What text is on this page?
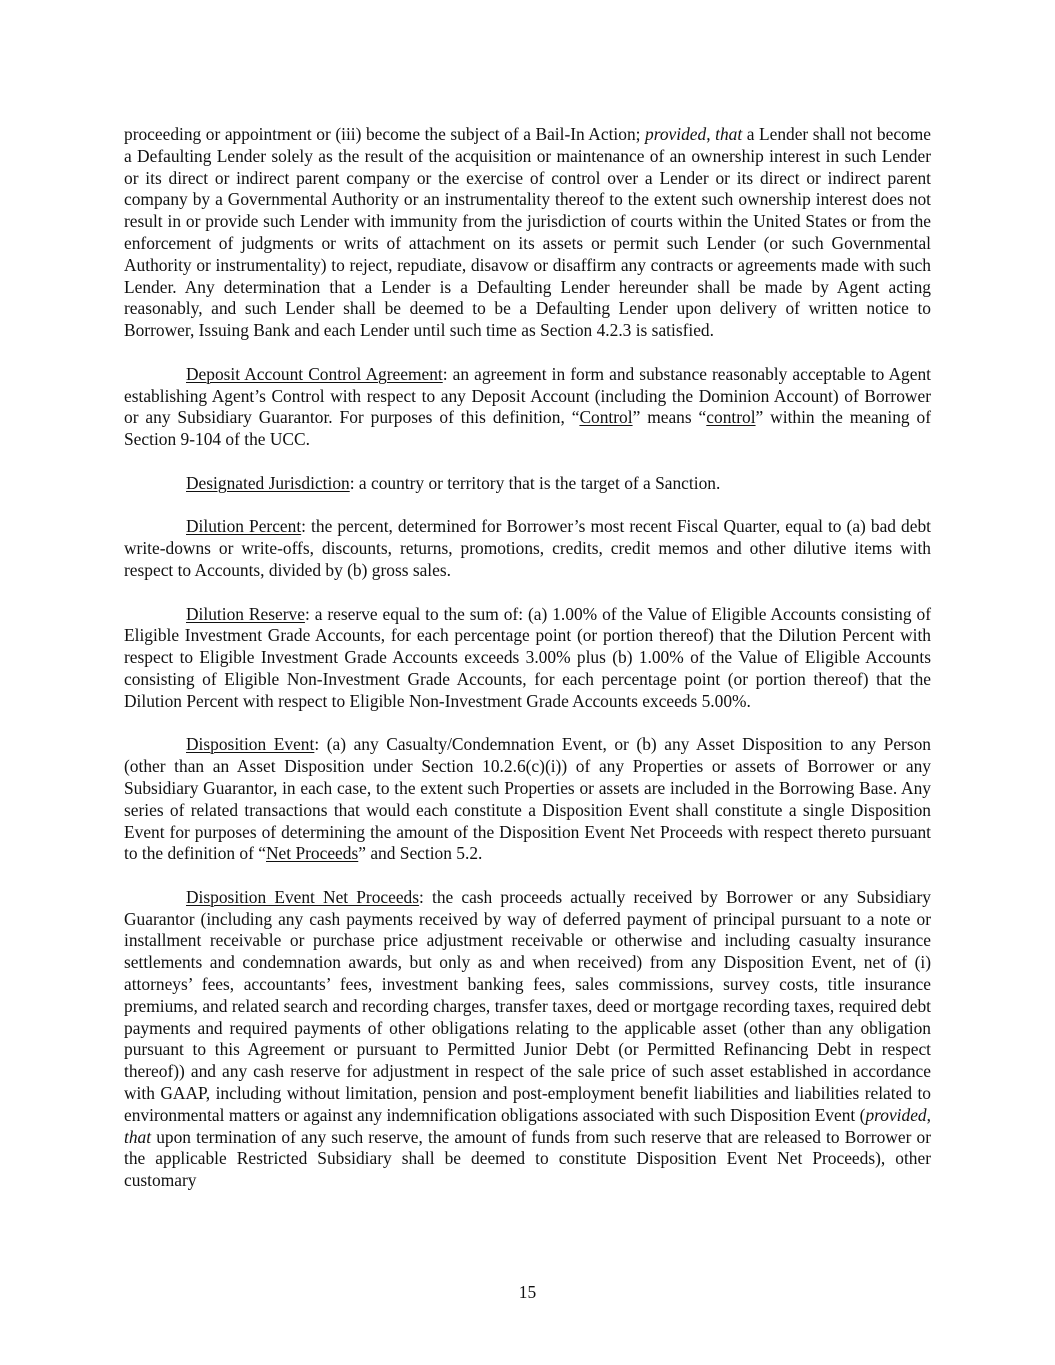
proceeding or appointment or (iii) become the subject of a Bail-In Action; provided, that a Lender shall not become a Defaulting Lender solely as the result of the acquisition or maintenance of an ownership interest in such Lender or its direct or indirect parent company or the exercise of control over a Lender or its direct or indirect parent company by a Governmental Authority or an instrumentality thereof to the extent such ownership interest does not result in or provide such Lender with immunity from the jurisdiction of courts within the United States or from the enforcement of judgments or writs of attachment on its assets or permit such Lender (or such Governmental Authority or instrumentality) to reject, repudiate, disavow or disaffirm any contracts or agreements made with such Lender. Any determination that a Lender is a Defaulting Lender hereunder shall be made by Agent acting reasonably, and such Lender shall be deemed to be a Defaulting Lender upon delivery of written notice to Borrower, Issuing Bank and each Lender until such time as Section 4.2.3 is satisfied.

Deposit Account Control Agreement: an agreement in form and substance reasonably acceptable to Agent establishing Agent’s Control with respect to any Deposit Account (including the Dominion Account) of Borrower or any Subsidiary Guarantor. For purposes of this definition, “Control” means “control” within the meaning of Section 9-104 of the UCC.

Designated Jurisdiction: a country or territory that is the target of a Sanction.

Dilution Percent: the percent, determined for Borrower’s most recent Fiscal Quarter, equal to (a) bad debt write-downs or write-offs, discounts, returns, promotions, credits, credit memos and other dilutive items with respect to Accounts, divided by (b) gross sales.

Dilution Reserve: a reserve equal to the sum of: (a) 1.00% of the Value of Eligible Accounts consisting of Eligible Investment Grade Accounts, for each percentage point (or portion thereof) that the Dilution Percent with respect to Eligible Investment Grade Accounts exceeds 3.00% plus (b) 1.00% of the Value of Eligible Accounts consisting of Eligible Non-Investment Grade Accounts, for each percentage point (or portion thereof) that the Dilution Percent with respect to Eligible Non-Investment Grade Accounts exceeds 5.00%.

Disposition Event: (a) any Casualty/Condemnation Event, or (b) any Asset Disposition to any Person (other than an Asset Disposition under Section 10.2.6(c)(i)) of any Properties or assets of Borrower or any Subsidiary Guarantor, in each case, to the extent such Properties or assets are included in the Borrowing Base. Any series of related transactions that would each constitute a Disposition Event shall constitute a single Disposition Event for purposes of determining the amount of the Disposition Event Net Proceeds with respect thereto pursuant to the definition of “Net Proceeds” and Section 5.2.

Disposition Event Net Proceeds: the cash proceeds actually received by Borrower or any Subsidiary Guarantor (including any cash payments received by way of deferred payment of principal pursuant to a note or installment receivable or purchase price adjustment receivable or otherwise and including casualty insurance settlements and condemnation awards, but only as and when received) from any Disposition Event, net of (i) attorneys’ fees, accountants’ fees, investment banking fees, sales commissions, survey costs, title insurance premiums, and related search and recording charges, transfer taxes, deed or mortgage recording taxes, required debt payments and required payments of other obligations relating to the applicable asset (other than any obligation pursuant to this Agreement or pursuant to Permitted Junior Debt (or Permitted Refinancing Debt in respect thereof)) and any cash reserve for adjustment in respect of the sale price of such asset established in accordance with GAAP, including without limitation, pension and post-employment benefit liabilities and liabilities related to environmental matters or against any indemnification obligations associated with such Disposition Event (provided, that upon termination of any such reserve, the amount of funds from such reserve that are released to Borrower or the applicable Restricted Subsidiary shall be deemed to constitute Disposition Event Net Proceeds), other customary

15
